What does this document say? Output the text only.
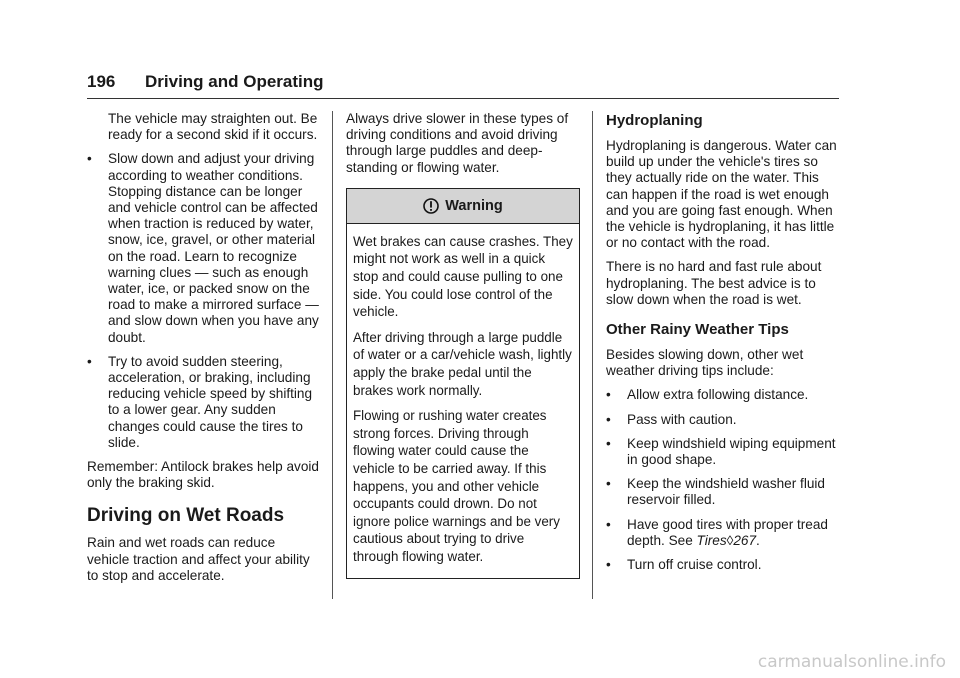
196 Driving and Operating

The vehicle may straighten out. Be ready for a second skid if it occurs.

• Slow down and adjust your driving according to weather conditions. Stopping distance can be longer and vehicle control can be affected when traction is reduced by water, snow, ice, gravel, or other material on the road. Learn to recognize warning clues — such as enough water, ice, or packed snow on the road to make a mirrored surface — and slow down when you have any doubt.
• Try to avoid sudden steering, acceleration, or braking, including reducing vehicle speed by shifting to a lower gear. Any sudden changes could cause the tires to slide.

Remember: Antilock brakes help avoid only the braking skid.

Driving on Wet Roads

Rain and wet roads can reduce vehicle traction and affect your ability to stop and accelerate.

Always drive slower in these types of driving conditions and avoid driving through large puddles and deep-standing or flowing water.

Warning

Wet brakes can cause crashes. They might not work as well in a quick stop and could cause pulling to one side. You could lose control of the vehicle.

After driving through a large puddle of water or a car/vehicle wash, lightly apply the brake pedal until the brakes work normally.

Flowing or rushing water creates strong forces. Driving through flowing water could cause the vehicle to be carried away. If this happens, you and other vehicle occupants could drown. Do not ignore police warnings and be very cautious about trying to drive through flowing water.

Hydroplaning

Hydroplaning is dangerous. Water can build up under the vehicle's tires so they actually ride on the water. This can happen if the road is wet enough and you are going fast enough. When the vehicle is hydroplaning, it has little or no contact with the road.

There is no hard and fast rule about hydroplaning. The best advice is to slow down when the road is wet.

Other Rainy Weather Tips

Besides slowing down, other wet weather driving tips include:

• Allow extra following distance.
• Pass with caution.
• Keep windshield wiping equipment in good shape.
• Keep the windshield washer fluid reservoir filled.
• Have good tires with proper tread depth. See Tires◊267.
• Turn off cruise control.
carmanualsonline.info
